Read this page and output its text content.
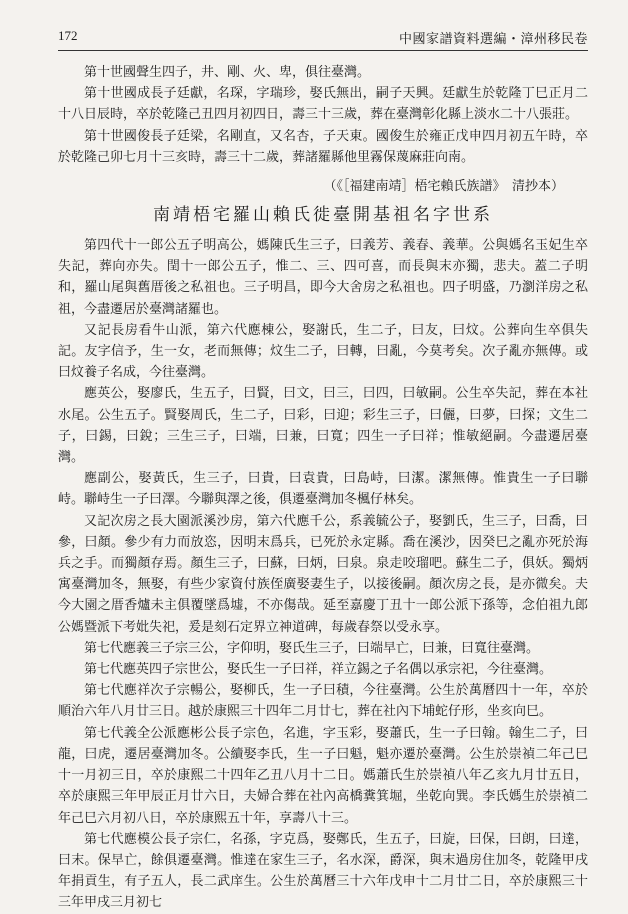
172	中國家譜資料選編・漳州移民卷

第十世國聲生四子，井、剛、火、卑，俱往臺灣。

第十世國成長子廷獻，名琛，字瑞珍，娶氏無出，嗣子天興。廷獻生於乾隆丁巳正月二十八日辰時，卒於乾隆己丑四月初四日，壽三十三歲，葬在臺灣彰化縣上淡水二十八張莊。

第十世國俊長子廷梁，名剛直，又名杏，子天東。國俊生於雍正戊申四月初五午時，卒於乾隆己卯七月十三亥時，壽三十二歲，葬諸羅縣他里霧保蔑麻莊向南。

（《［福建南靖］梧宅賴氏族譜》　清抄本）
南靖梧宅羅山賴氏徙臺開基祖名字世系

第四代十一郎公五子明高公，媽陳氏生三子，曰義芳、義春、義華。公與媽名玉妃生卒失記，葬向亦失。閏十一郎公五子，惟二、三、四可喜，而長與末亦獨，悲夫。蓋二子明和，羅山尾與舊厝後之私祖也。三子明昌，即今大舍房之私祖也。四子明盛，乃瀏洋房之私祖，今盡遷居於臺灣諸羅也。

又記長房看牛山派，第六代應棟公，娶謝氏，生二子，曰友，曰炆。公葬向生卒俱失記。友字信予，生一女，老而無傳；炆生二子，曰轉，曰亂，今莫考矣。次子亂亦無傳。或曰炆養子名成，今往臺灣。

應英公，娶廖氏，生五子，曰賢，曰文，曰三，曰四，曰敏嗣。公生卒失記，葬在本社水尾。公生五子。賢娶周氏，生二子，曰彩，曰迎；彩生三子，曰儷，曰夢，曰探；文生二子，曰錫，曰銳；三生三子，曰端，曰兼，曰寬；四生一子曰祥；惟敏絕嗣。今盡遷居臺灣。

應副公，娶黃氏，生三子，曰貴，曰袁貴，曰島峙，曰潔。潔無傳。惟貴生一子曰聯峙。聯峙生一子曰澤。今聯與澤之後，俱遷臺灣加冬楓仔林矣。

又記次房之長大園派溪沙房，第六代應千公，系義毓公子，娶劉氏，生三子，曰喬，曰參，曰顏。參少有力而放恣，因明末爲兵，已死於永定縣。喬在溪沙，因癸巳之亂亦死於海兵之手。而獨顏存焉。顏生三子，曰蘇，曰炳，曰泉。泉走咬瑠吧。蘇生二子，俱妖。獨炳寓臺灣加冬，無娶，有些少家資付族侄廣娶妻生子，以接後嗣。顏次房之長，是亦微矣。夫今大園之厝香爐未主俱覆墜爲墟，不亦傷哉。延至嘉慶丁丑十一郎公派下孫等，念伯祖九郎公媽暨派下考妣失祀，爰是刻石定界立神道碑，每歲春祭以受永享。

第七代應義三子宗三公，字仰明，娶氏生三子，曰端早亡，曰兼，曰寬往臺灣。

第七代應英四子宗世公，娶氏生一子曰祥，祥立錫之子名偶以承宗祀，今往臺灣。

第七代應祥次子宗暢公，娶柳氏，生一子曰積，今往臺灣。公生於萬曆四十一年，卒於順治六年八月廿三日。越於康熙三十四年二月廿七，葬在社內下埔蛇仔形，坐亥向巳。

第七代義全公派應彬公長子宗色，名進，字玉彩，娶蕭氏，生一子曰翰。翰生二子，曰龍，曰虎，遷居臺灣加冬。公續娶李氏，生一子曰魁，魁亦遷於臺灣。公生於崇禎二年己巳十一月初三日，卒於康熙二十四年乙丑八月十二日。媽蕭氏生於崇禎八年乙亥九月廿五日，卒於康熙三年甲辰正月廿六日，夫婦合葬在社內高橋糞箕堀，坐乾向巽。李氏媽生於崇禎二年己巳六月初八日，卒於康熙五十年，享壽八十三。

第七代應模公長子宗仁，名孫，字克爲，娶鄭氏，生五子，曰旋，曰保，曰朗，曰達，曰末。保早亡，餘俱遷臺灣。惟達在家生三子，名水深，爵深，與末過房住加冬，乾隆甲戌年捐貢生，有子五人，長二武庠生。公生於萬曆三十六年戊申十二月廿二日，卒於康熙三十三年甲戌三月初七
